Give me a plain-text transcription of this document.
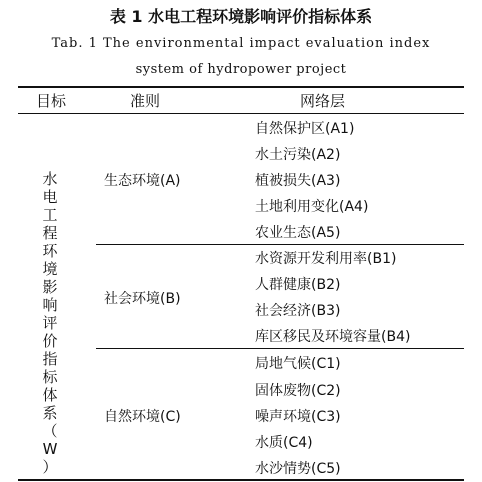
表 1 水电工程环境影响评价指标体系
Tab. 1 The environmental impact evaluation index
system of hydropower project
目标	准则	网络层
水
电
工
程
环
境
影
响
评
价
指
标
体
系
（
W
）
生态环境(A)
自然保护区(A1)
水土污染(A2)
植被损失(A3)
土地利用变化(A4)
农业生态(A5)
社会环境(B)
水资源开发利用率(B1)
人群健康(B2)
社会经济(B3)
库区移民及环境容量(B4)
自然环境(C)
局地气候(C1)
固体废物(C2)
噪声环境(C3)
水质(C4)
水沙情势(C5)
